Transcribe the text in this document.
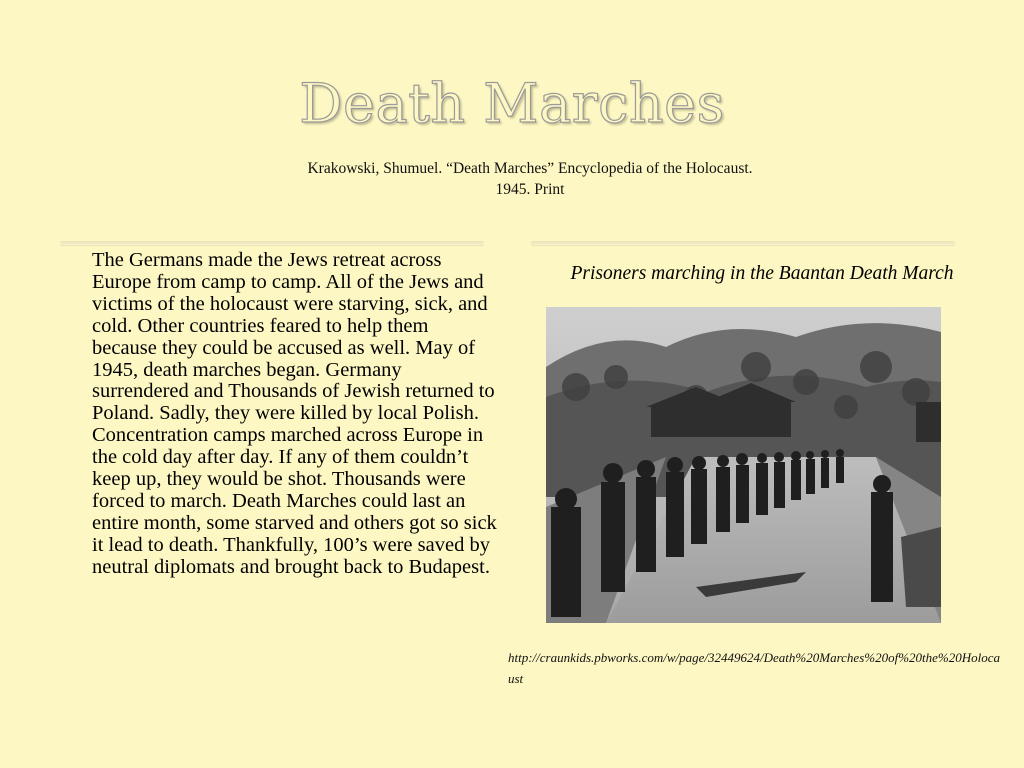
Death Marches
Krakowski, Shumuel. “Death Marches” Encyclopedia of the Holocaust. 1945. Print
The Germans made the Jews retreat across Europe from camp to camp. All of the Jews and victims of the holocaust were starving, sick, and cold. Other countries feared to help them because they could be accused as well. May of 1945, death marches began. Germany surrendered and Thousands of Jewish returned to Poland. Sadly, they were killed by local Polish. Concentration camps marched across Europe in the cold day after day. If any of them couldn’t keep up, they would be shot. Thousands were forced to march. Death Marches could last an entire month, some starved and others got so sick it lead to death. Thankfully, 100’s were saved by neutral diplomats and brought back to Budapest.
Prisoners marching in the Baantan Death March
http://craunkids.pbworks.com/w/page/32449624/Death%20Marches%20of%20the%20Holocaust
